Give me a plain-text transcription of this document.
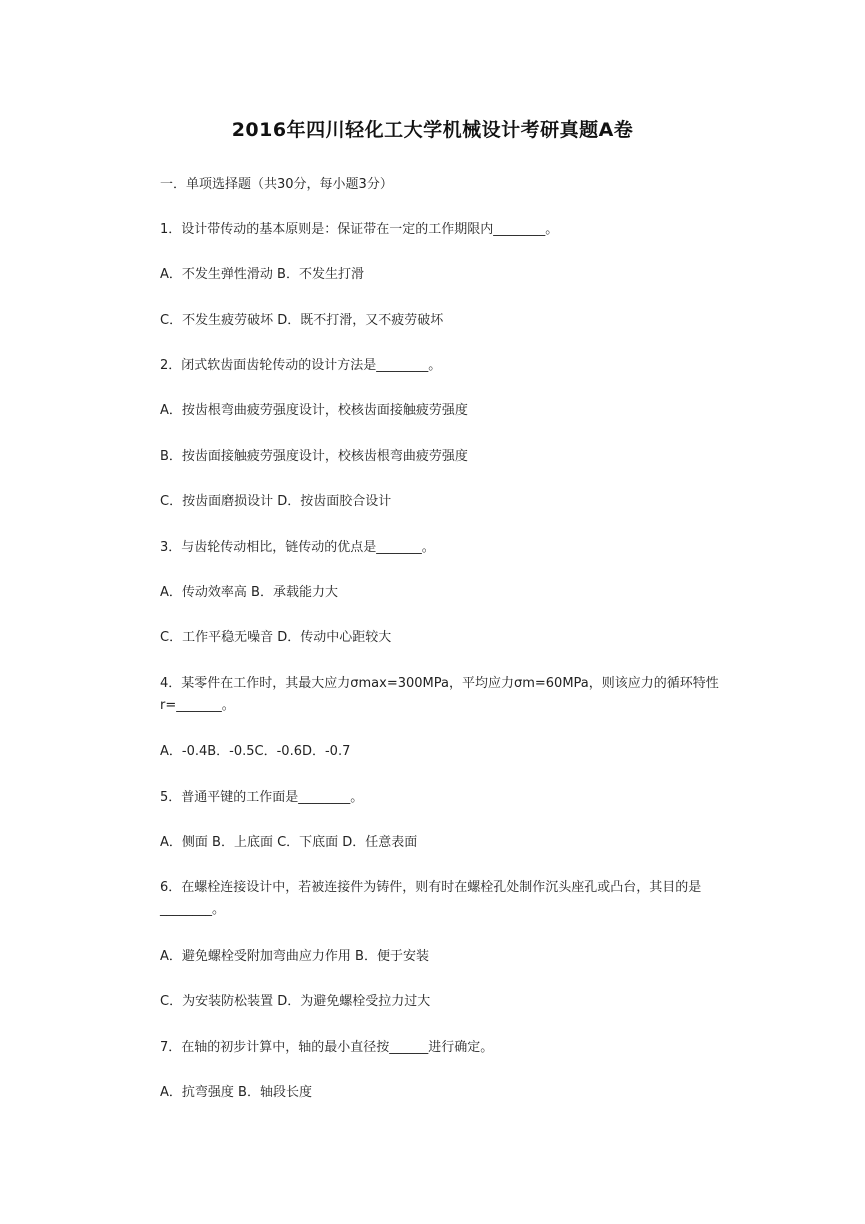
2016年四川轻化工大学机械设计考研真题A卷
一．单项选择题（共30分，每小题3分）
1．设计带传动的基本原则是：保证带在一定的工作期限内________。
A．不发生弹性滑动 B．不发生打滑
C．不发生疲劳破坏 D．既不打滑，又不疲劳破坏
2．闭式软齿面齿轮传动的设计方法是________。
A．按齿根弯曲疲劳强度设计，校核齿面接触疲劳强度
B．按齿面接触疲劳强度设计，校核齿根弯曲疲劳强度
C．按齿面磨损设计 D．按齿面胶合设计
3．与齿轮传动相比，链传动的优点是_______。
A．传动效率高 B．承载能力大
C．工作平稳无噪音 D．传动中心距较大
4．某零件在工作时，其最大应力σmax=300MPa，平均应力σm=60MPa，则该应力的循环特性 r=_______。
A．-0.4B．-0.5C．-0.6D．-0.7
5．普通平键的工作面是________。
A．侧面 B．上底面 C．下底面 D．任意表面
6．在螺栓连接设计中，若被连接件为铸件，则有时在螺栓孔处制作沉头座孔或凸台，其目的是________。
A．避免螺栓受附加弯曲应力作用 B．便于安装
C．为安装防松装置 D．为避免螺栓受拉力过大
7．在轴的初步计算中，轴的最小直径按______进行确定。
A．抗弯强度 B．轴段长度
